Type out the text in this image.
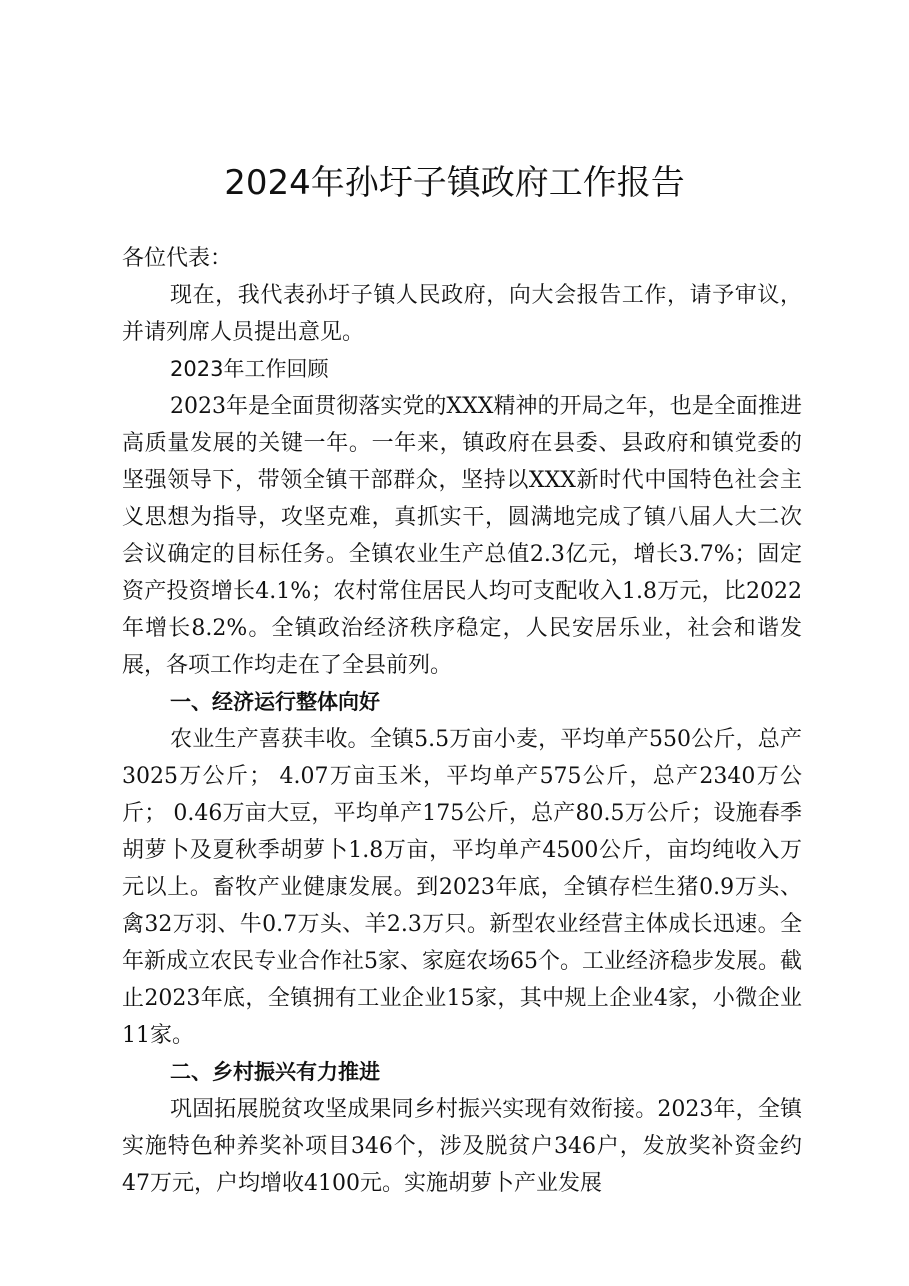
2024年孙圩子镇政府工作报告

各位代表：

现在，我代表孙圩子镇人民政府，向大会报告工作，请予审议，并请列席人员提出意见。

2023年工作回顾

2023年是全面贯彻落实党的XXX精神的开局之年，也是全面推进高质量发展的关键一年。一年来，镇政府在县委、县政府和镇党委的坚强领导下，带领全镇干部群众，坚持以XXX新时代中国特色社会主义思想为指导，攻坚克难，真抓实干，圆满地完成了镇八届人大二次会议确定的目标任务。全镇农业生产总值2.3亿元，增长3.7%；固定资产投资增长4.1%；农村常住居民人均可支配收入1.8万元，比2022年增长8.2%。全镇政治经济秩序稳定，人民安居乐业，社会和谐发展，各项工作均走在了全县前列。

一、经济运行整体向好

农业生产喜获丰收。全镇5.5万亩小麦，平均单产550公斤，总产3025万公斤； 4.07万亩玉米，平均单产575公斤，总产2340万公斤； 0.46万亩大豆，平均单产175公斤，总产80.5万公斤；设施春季胡萝卜及夏秋季胡萝卜1.8万亩，平均单产4500公斤，亩均纯收入万元以上。畜牧产业健康发展。到2023年底，全镇存栏生猪0.9万头、禽32万羽、牛0.7万头、羊2.3万只。新型农业经营主体成长迅速。全年新成立农民专业合作社5家、家庭农场65个。工业经济稳步发展。截止2023年底，全镇拥有工业企业15家，其中规上企业4家，小微企业11家。

二、乡村振兴有力推进

巩固拓展脱贫攻坚成果同乡村振兴实现有效衔接。2023年，全镇实施特色种养奖补项目346个，涉及脱贫户346户，发放奖补资金约47万元，户均增收4100元。实施胡萝卜产业发展
